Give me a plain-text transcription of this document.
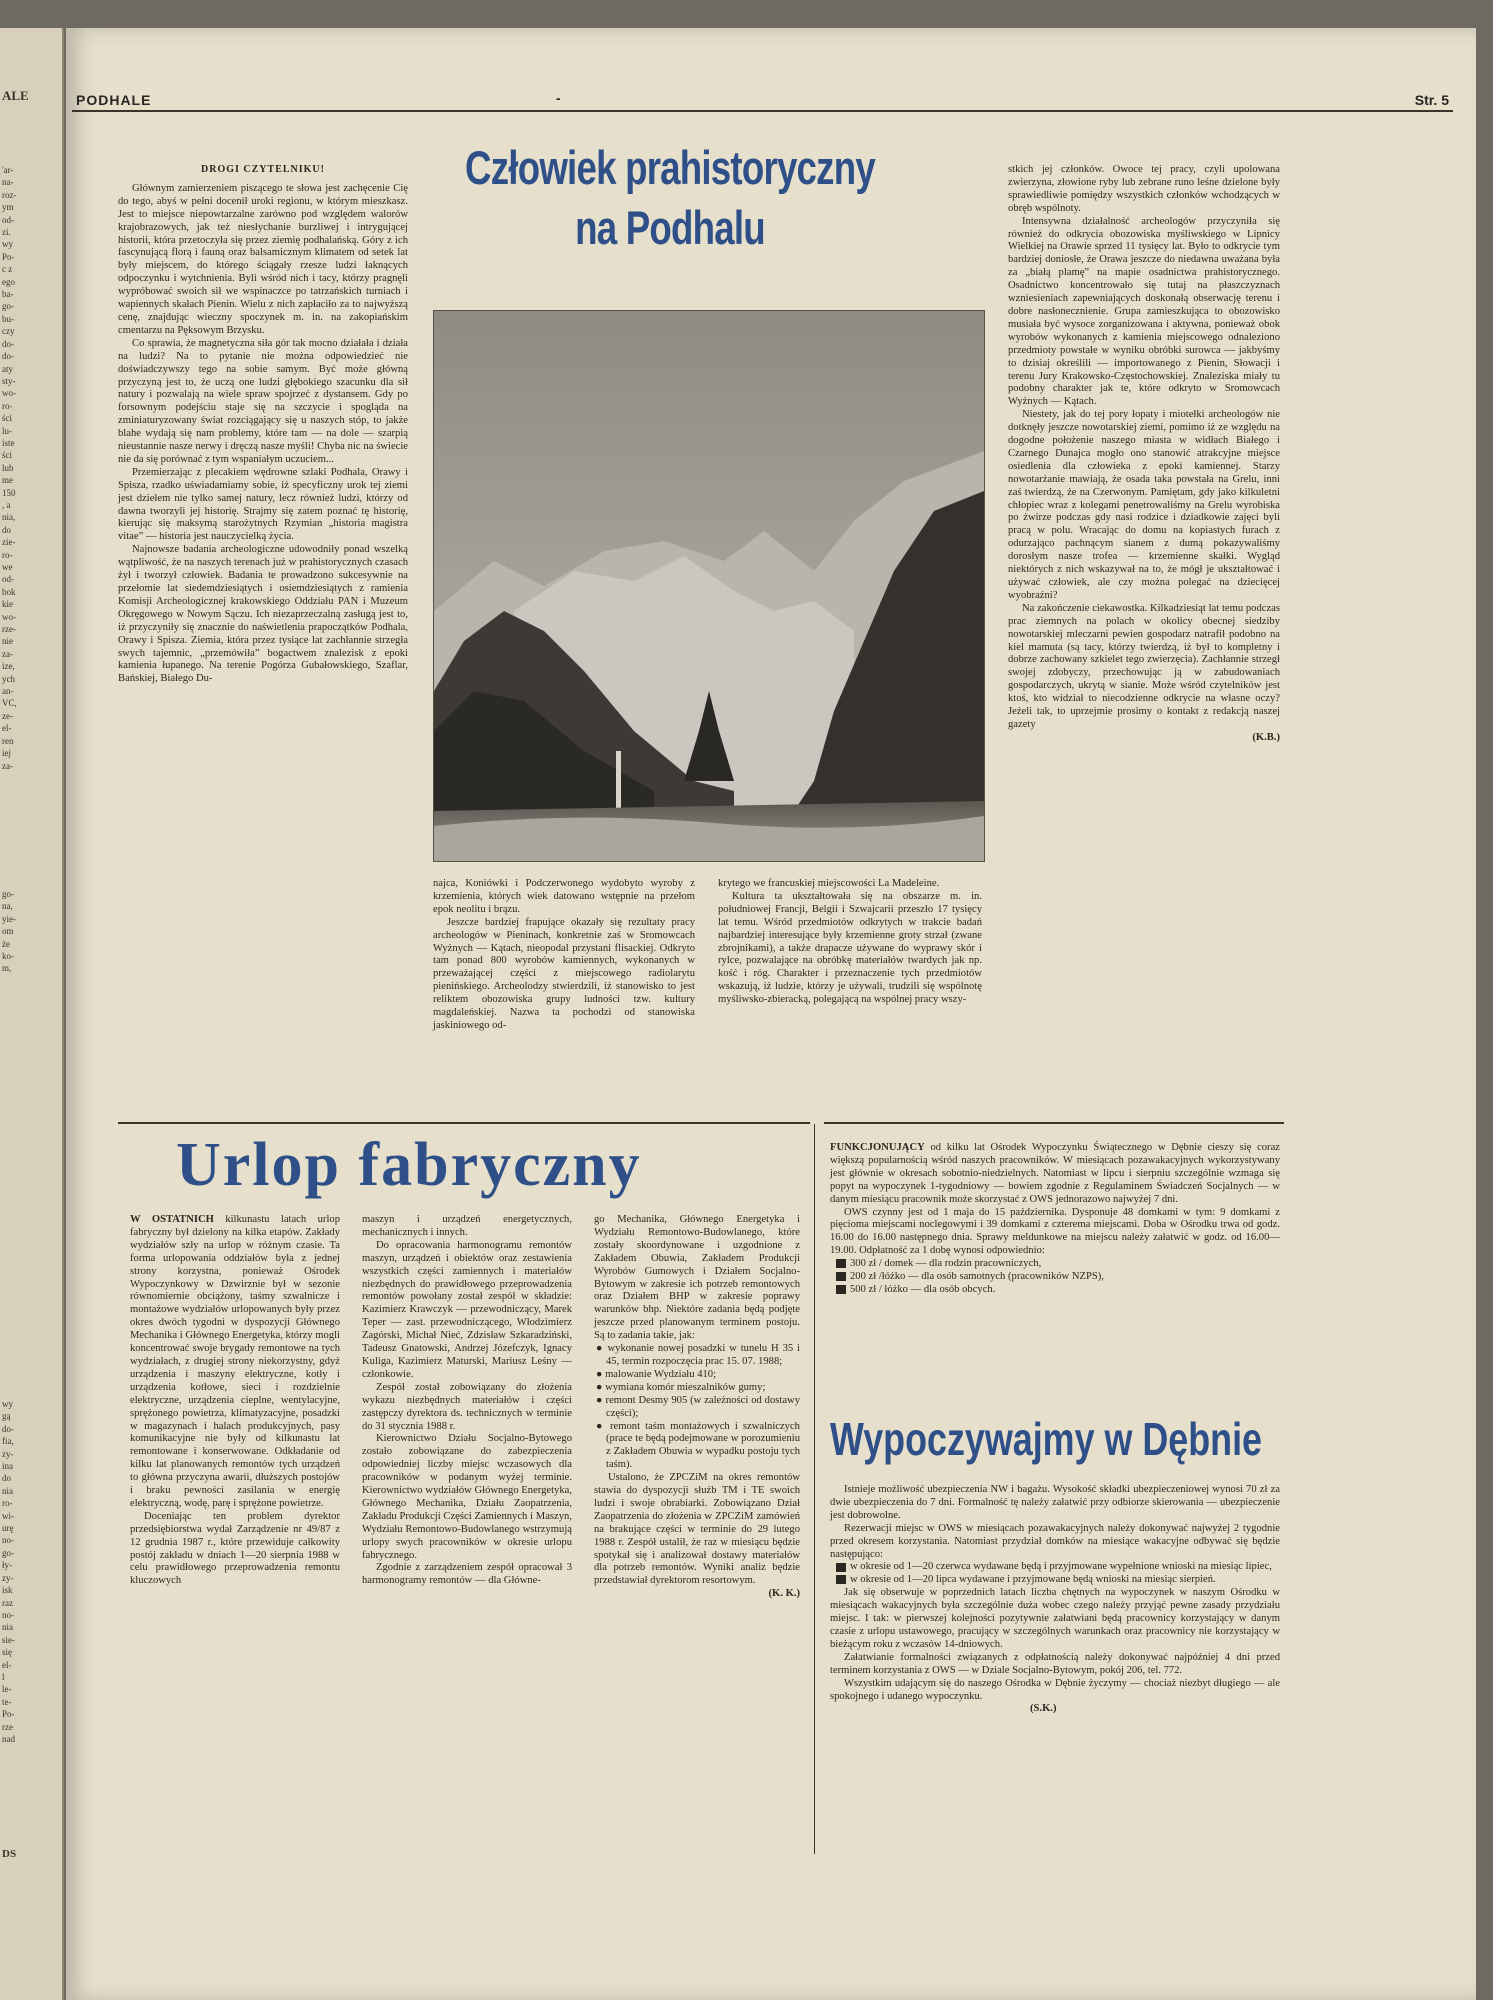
ALE
'ar-
na-
roz-
ym
od-
zi.
wy
Po-
c z
ego
ba-
go-
bu-
czy
do-
do-
aty
sty-
wo-
ro-
ści
lu-
iste
ści
lub
me
150
, a
nia,
do
zie-
ro-
we
od-
bok
kie
wo-
rze-
nie
za-
ize,
ych
an-
VC,
ze-
el-
ren
iej
za-
go-
na,
yie-
om
że
ko-
m,
wy
gą
do-
fia,
zy-
ina
do
nia
ro-
wi-
urę
no-
go-
ły-
zy-
isk
raz
no-
nia
sie-
się
el-
l
le-
te-
Po-
rze
nad
DS
PODHALE	-	Str. 5
Człowiek prahistoryczny
na Podhalu
DROGI CZYTELNIKU!

Głównym zamierzeniem piszącego te słowa jest zachęcenie Cię do tego, abyś w pełni docenił uroki regionu, w którym mieszkasz. Jest to miejsce niepowtarzalne zarówno pod względem walorów krajobrazowych, jak też niesłychanie burzliwej i intrygującej historii, która przetoczyła się przez ziemię podhalańską. Góry z ich fascynującą florą i fauną oraz balsamicznym klimatem od setek lat były miejscem, do którego ściągały rzesze ludzi łaknących odpoczynku i wytchnienia. Byli wśród nich i tacy, którzy pragnęli wypróbować swoich sił we wspinaczce po tatrzańskich turniach i wapiennych skałach Pienin. Wielu z nich zapłaciło za to najwyższą cenę, znajdując wieczny spoczynek m. in. na zakopiańskim cmentarzu na Pęksowym Brzysku.

Co sprawia, że magnetyczna siła gór tak mocno działała i działa na ludzi? Na to pytanie nie można odpowiedzieć nie doświadczywszy tego na sobie samym. Być może główną przyczyną jest to, że uczą one ludzi głębokiego szacunku dla sił natury i pozwalają na wiele spraw spojrzeć z dystansem. Gdy po forsownym podejściu staje się na szczycie i spogląda na zminiaturyzowany świat rozciągający się u naszych stóp, to jakże blahe wydają się nam problemy, które tam — na dole — szarpią nieustannie nasze nerwy i dręczą nasze myśli! Chyba nic na świecie nie da się porównać z tym wspaniałym uczuciem...

Przemierzając z plecakiem wędrowne szlaki Podhala, Orawy i Spisza, rzadko uświadamiamy sobie, iż specyficzny urok tej ziemi jest dziełem nie tylko samej natury, lecz również ludzi, którzy od dawna tworzyli jej historię. Strajmy się zatem poznać tę historię, kierując się maksymą starożytnych Rzymian „historia magistra vitae” — historia jest nauczycielką życia.

Najnowsze badania archeologiczne udowodniły ponad wszelką wątpliwość, że na naszych terenach już w prahistorycznych czasach żył i tworzył człowiek. Badania te prowadzono sukcesywnie na przełomie lat siedemdziesiątych i osiemdziesiątych z ramienia Komisji Archeologicznej krakowskiego Oddziału PAN i Muzeum Okręgowego w Nowym Sączu. Ich niezaprzeczalną zasługą jest to, iż przyczyniły się znacznie do naświetlenia prapoczątków Podhala, Orawy i Spisza. Ziemia, która przez tysiące lat zachłannie strzegła swych tajemnic, „przemówiła” bogactwem znalezisk z epoki kamienia łupanego. Na terenie Pogórza Gubałowskiego, Szaflar, Bańskiej, Białego Du-

najca, Koniówki i Podczerwonego wydobyto wyroby z krzemienia, których wiek datowano wstępnie na przełom epok neolitu i brązu.

Jeszcze bardziej frapujące okazały się rezultaty pracy archeologów w Pieninach, konkretnie zaś w Sromowcach Wyżnych — Kątach, nieopodal przystani flisackiej. Odkryto tam ponad 800 wyrobów kamiennych, wykonanych w przeważającej części z miejscowego radiolarytu pienińskiego. Archeolodzy stwierdzili, iż stanowisko to jest reliktem obozowiska grupy ludności tzw. kultury magdaleńskiej. Nazwa ta pochodzi od stanowiska jaskiniowego od-

krytego we francuskiej miejscowości La Madeleine.

Kultura ta ukształtowała się na obszarze m. in. południowej Francji, Belgii i Szwajcarii przeszło 17 tysięcy lat temu. Wśród przedmiotów odkrytych w trakcie badań najbardziej interesujące były krzemienne groty strzał (zwane zbrojnikami), a także drapacze używane do wyprawy skór i rylce, pozwalające na obróbkę materiałów twardych jak np. kość i róg. Charakter i przeznaczenie tych przedmiotów wskazują, iż ludzie, którzy je używali, trudzili się wspólnotę myśliwsko-zbieracką, polegającą na wspólnej pracy wszy-

stkich jej członków. Owoce tej pracy, czyli upolowana zwierzyna, złowione ryby lub zebrane runo leśne dzielone były sprawiedliwie pomiędzy wszystkich członków wchodzących w obręb wspólnoty.

Intensywna działalność archeologów przyczyniła się również do odkrycia obozowiska myśliwskiego w Lipnicy Wielkiej na Orawie sprzed 11 tysięcy lat. Było to odkrycie tym bardziej doniosłe, że Orawa jeszcze do niedawna uważana była za „białą plamę” na mapie osadnictwa prahistorycznego. Osadnictwo koncentrowało się tutaj na płaszczyznach wzniesieniach zapewniających doskonałą obserwację terenu i dobre nasłonecznienie. Grupa zamieszkująca to obozowisko musiała być wysoce zorganizowana i aktywna, ponieważ obok wyrobów wykonanych z kamienia miejscowego odnaleziono przedmioty powstałe w wyniku obróbki surowca — jakbyśmy to dzisiaj określili — importowanego z Pienin, Słowacji i terenu Jury Krakowsko-Częstochowskiej. Znaleziska miały tu podobny charakter jak te, które odkryto w Sromowcach Wyżnych — Kątach.

Niestety, jak do tej pory łopaty i miotełki archeologów nie dotknęły jeszcze nowotarskiej ziemi, pomimo iż ze względu na dogodne położenie naszego miasta w widłach Białego i Czarnego Dunajca mogło ono stanowić atrakcyjne miejsce osiedlenia dla człowieka z epoki kamiennej. Starzy nowotarżanie mawiają, że osada taka powstała na Grelu, inni zaś twierdzą, że na Czerwonym. Pamiętam, gdy jako kilkuletni chłopiec wraz z kolegami penetrowaliśmy na Grelu wyrobiska po żwirze podczas gdy nasi rodzice i dziadkowie zajęci byli pracą w polu. Wracając do domu na kopiastych furach z odurzająco pachnącym sianem z dumą pokazywaliśmy dorosłym nasze trofea — krzemienne skałki. Wygląd niektórych z nich wskazywał na to, że mógł je ukształtować i używać człowiek, ale czy można polegać na dziecięcej wyobraźni?

Na zakończenie ciekawostka. Kilkadziesiąt lat temu podczas prac ziemnych na polach w okolicy obecnej siedziby nowotarskiej mleczarni pewien gospodarz natrafił podobno na kiel mamuta (są tacy, którzy twierdzą, iż był to kompletny i dobrze zachowany szkielet tego zwierzęcia). Zachłannie strzegł swojej zdobyczy, przechowując ją w zabudowaniach gospodarczych, ukrytą w sianie. Może wśród czytelników jest ktoś, kto widział to niecodzienne odkrycie na własne oczy? Jeżeli tak, to uprzejmie prosimy o kontakt z redakcją naszej gazety

(K.B.)
Urlop fabryczny

W OSTATNICH kilkunastu latach urlop fabryczny był dzielony na kilka etapów. Zakłady wydziałów szły na urlop w różnym czasie. Ta forma urlopowania oddziałów była z jednej strony korzystna, ponieważ Ośrodek Wypoczynkowy w Dzwirznie był w sezonie równomiernie obciążony, taśmy szwalnicze i montażowe wydziałów urlopowanych były przez okres dwóch tygodni w dyspozycji Głównego Mechanika i Głównego Energetyka, którzy mogli koncentrować swoje brygady remontowe na tych wydziałach, z drugiej strony niekorzystny, gdyż urządzenia i maszyny elektryczne, kotły i urządzenia kotłowe, sieci i rozdzielnie elektryczne, urządzenia cieplne, wentylacyjne, sprężonego powietrza, klimatyzacyjne, posadzki w magazynach i halach produkcyjnych, pasy komunikacyjne nie były od kilkunastu lat remontowane i konserwowane. Odkładanie od kilku lat planowanych remontów tych urządzeń to główna przyczyna awarii, dłuższych postojów i braku pewności zasilania w energię elektryczną, wodę, parę i sprężone powietrze.

Doceniając ten problem dyrektor przedsiębiorstwa wydał Zarządzenie nr 49/87 z 12 grudnia 1987 r., które przewiduje całkowity postój zakładu w dniach 1—20 sierpnia 1988 w celu prawidłowego przeprowadzenia remontu kluczowych

maszyn i urządzeń energetycznych, mechanicznych i innych.

Do opracowania harmonogramu remontów maszyn, urządzeń i obiektów oraz zestawienia wszystkich części zamiennych i materiałów niezbędnych do prawidłowego przeprowadzenia remontów powołany został zespół w składzie: Kazimierz Krawczyk — przewodniczący, Marek Teper — zast. przewodniczącego, Włodzimierz Zagórski, Michał Nieć, Zdzisław Szkaradziński, Tadeusz Gnatowski, Andrzej Józefczyk, Ignacy Kuliga, Kazimierz Maturski, Mariusz Leśny — członkowie.

Zespół został zobowiązany do złożenia wykazu niezbędnych materiałów i części zastępczy dyrektora ds. technicznych w terminie do 31 stycznia 1988 r.

Kierownictwo Działu Socjalno-Bytowego zostało zobowiązane do zabezpieczenia odpowiedniej liczby miejsc wczasowych dla pracowników w podanym wyżej terminie. Kierownictwo wydziałów Głównego Energetyka, Głównego Mechanika, Działu Zaopatrzenia, Zakładu Produkcji Części Zamiennych i Maszyn, Wydziału Remontowo-Budowlanego wstrzymują urlopy swych pracowników w okresie urlopu fabrycznego.

Zgodnie z zarządzeniem zespół opracował 3 harmonogramy remontów — dla Główne-

go Mechanika, Głównego Energetyka i Wydziału Remontowo-Budowlanego, które zostały skoordynowane i uzgodnione z Zakładem Obuwia, Zakładem Produkcji Wyrobów Gumowych i Działem Socjalno-Bytowym w zakresie ich potrzeb remontowych oraz Działem BHP w zakresie poprawy warunków bhp. Niektóre zadania będą podjęte jeszcze przed planowanym terminem postoju. Są to zadania takie, jak:

● wykonanie nowej posadzki w tunelu H 35 i 45, termin rozpoczęcia prac 15. 07. 1988;

● malowanie Wydziału 410;

● wymiana komór mieszalników gumy;

● remont Desmy 905 (w zależności od dostawy części);

● remont taśm montażowych i szwalniczych (prace te będą podejmowane w porozumieniu z Zakładem Obuwia w wypadku postoju tych taśm).

Ustalono, że ZPCZiM na okres remontów stawia do dyspozycji służb TM i TE swoich ludzi i swoje obrabiarki. Zobowiązano Dział Zaopatrzenia do złożenia w ZPCZiM zamówień na brakujące części w terminie do 29 lutego 1988 r. Zespół ustalił, że raz w miesiącu będzie spotykał się i analizował dostawy materiałów dla potrzeb remontów. Wyniki analiz będzie przedstawiał dyrektorom resortowym.

(K. K.)

FUNKCJONUJĄCY od kilku lat Ośrodek Wypoczynku Świątecznego w Dębnie cieszy się coraz większą popularnością wśród naszych pracowników. W miesiącach pozawakacyjnych wykorzystywany jest głównie w okresach sobotnio-niedzielnych. Natomiast w lipcu i sierpniu szczególnie wzmaga się popyt na wypoczynek 1-tygodniowy — bowiem zgodnie z Regulaminem Świadczeń Socjalnych — w danym miesiącu pracownik może skorzystać z OWS jednorazowo najwyżej 7 dni.

OWS czynny jest od 1 maja do 15 października. Dysponuje 48 domkami w tym: 9 domkami z pięcioma miejscami noclegowymi i 39 domkami z czterema miejscami. Doba w Ośrodku trwa od godz. 16.00 do 16.00 następnego dnia. Sprawy meldunkowe na miejscu należy załatwić w godz. od 16.00—19.00. Odpłatność za 1 dobę wynosi odpowiednio:

300 zł / domek — dla rodzin pracowniczych,

200 zł /łóżko — dla osób samotnych (pracowników NZPS),

500 zł / łóżko — dla osób obcych.

Wypoczywajmy w Dębnie

Istnieje możliwość ubezpieczenia NW i bagażu. Wysokość składki ubezpieczeniowej wynosi 70 zł za dwie ubezpieczenia do 7 dni. Formalność tę należy załatwić przy odbiorze skierowania — ubezpieczenie jest dobrowolne.

Rezerwacji miejsc w OWS w miesiącach pozawakacyjnych należy dokonywać najwyżej 2 tygodnie przed okresem korzystania. Natomiast przydział domków na miesiące wakacyjne odbywać się będzie następująco:

w okresie od 1—20 czerwca wydawane będą i przyjmowane wypełnione wnioski na miesiąc lipiec,

w okresie od 1—20 lipca wydawane i przyjmowane będą wnioski na miesiąc sierpień.

Jak się obserwuje w poprzednich latach liczba chętnych na wypoczynek w naszym Ośrodku w miesiącach wakacyjnych była szczególnie duża wobec czego należy przyjąć pewne zasady przydziału miejsc. I tak: w pierwszej kolejności pozytywnie załatwiani będą pracownicy korzystający w danym czasie z urlopu ustawowego, pracujący w szczególnych warunkach oraz pracownicy nie korzystający w bieżącym roku z wczasów 14-dniowych.

Załatwianie formalności związanych z odpłatnością należy dokonywać najpóźniej 4 dni przed terminem korzystania z OWS — w Dziale Socjalno-Bytowym, pokój 206, tel. 772.

Wszystkim udającym się do naszego Ośrodka w Dębnie życzymy — chociaż niezbyt długiego — ale spokojnego i udanego wypoczynku.

(S.K.)
